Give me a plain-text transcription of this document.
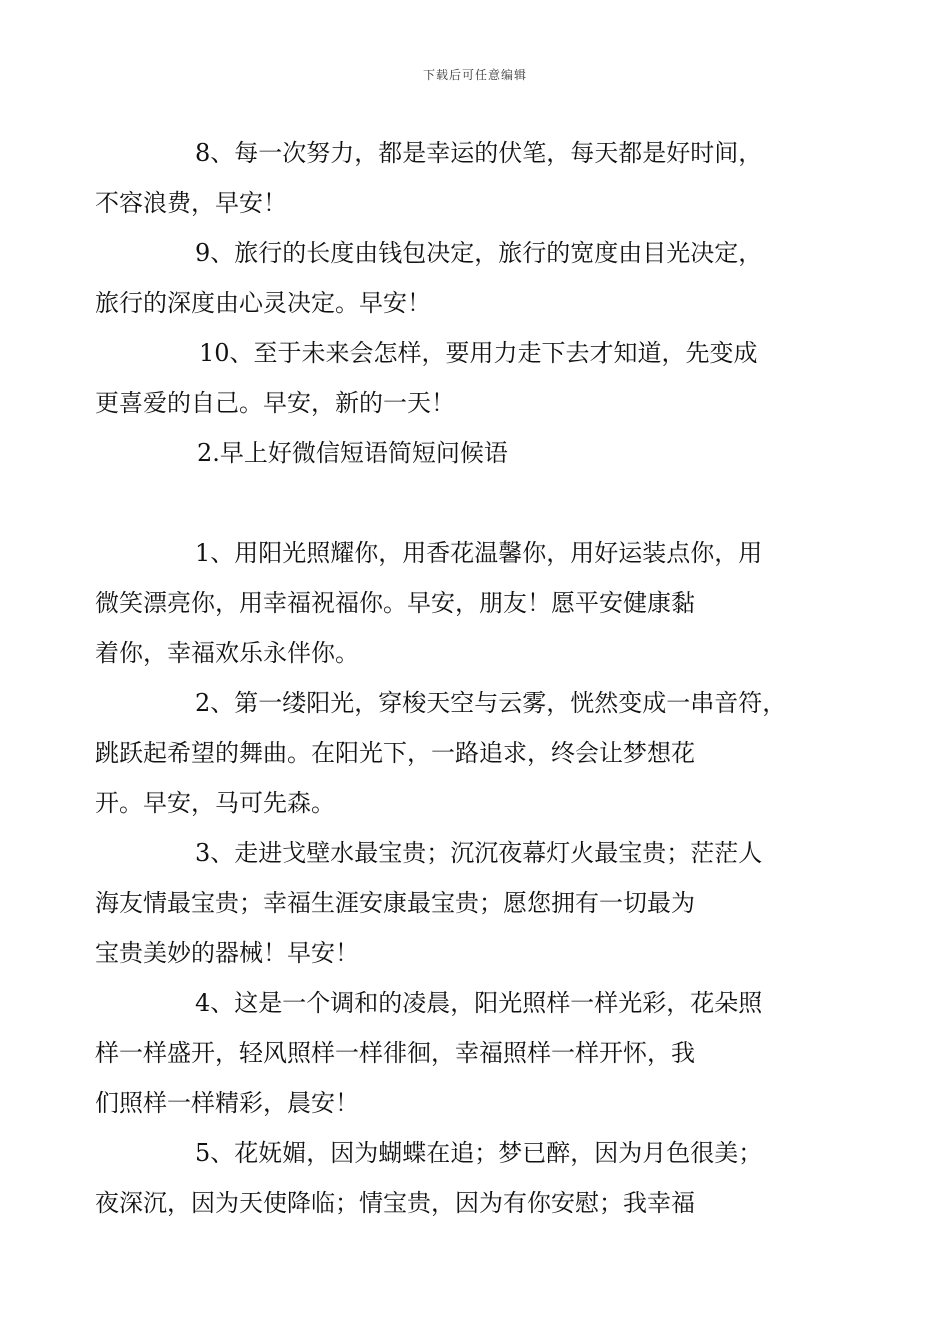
下载后可任意编辑
8、每一次努力，都是幸运的伏笔，每天都是好时间，
不容浪费，早安！
9、旅行的长度由钱包决定，旅行的宽度由目光决定，
旅行的深度由心灵决定。早安！
10、至于未来会怎样，要用力走下去才知道，先变成
更喜爱的自己。早安，新的一天！
2.早上好微信短语简短问候语
1、用阳光照耀你，用香花温馨你，用好运装点你，用
微笑漂亮你，用幸福祝福你。早安，朋友！愿平安健康黏
着你，幸福欢乐永伴你。
2、第一缕阳光，穿梭天空与云雾，恍然变成一串音符，
跳跃起希望的舞曲。在阳光下，一路追求，终会让梦想花
开。早安，马可先森。
3、走进戈壁水最宝贵；沉沉夜幕灯火最宝贵；茫茫人
海友情最宝贵；幸福生涯安康最宝贵；愿您拥有一切最为
宝贵美妙的器械！早安！
4、这是一个调和的凌晨，阳光照样一样光彩，花朵照
样一样盛开，轻风照样一样徘徊，幸福照样一样开怀，我
们照样一样精彩，晨安！
5、花妩媚，因为蝴蝶在追；梦已醉，因为月色很美；
夜深沉，因为天使降临；情宝贵，因为有你安慰；我幸福
